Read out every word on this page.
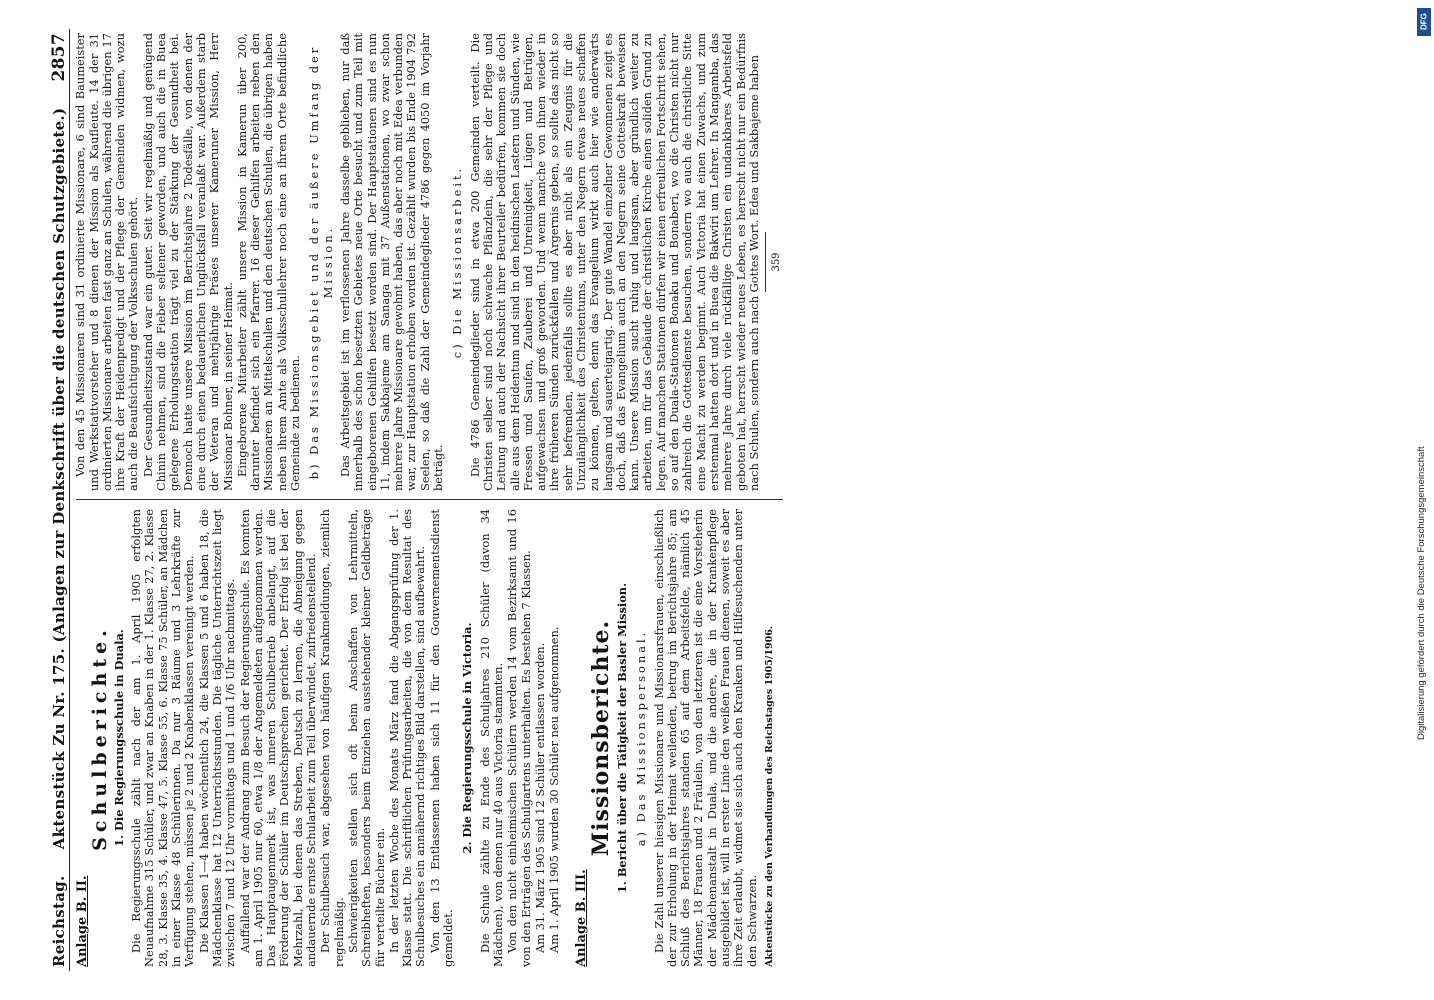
Reichstag.
Aktenstück Zu Nr. 175. (Anlagen zur Denkschrift über die deutschen Schutzgebiete.)
2857
Anlage B. II.
Schulberichte. 1. Die Regierungsschule in Duala. Die Regierungsschule zählt nach der am 1. April 1905 erfolgten Neuaufnahme 315 Schüler, und zwar an Knaben in der 1. Klasse 27, 2. Klasse 28, 3. Klasse 35, 4. Klasse 47, 5. Klasse 55, 6. Klasse 75 Schüler, an Mädchen in einer Klasse 48 Schülerinnen. Da nur 3 Räume und 3 Lehrkräfte zur Verfügung stehen, müssen je 2 und 2 Knabenklassen vereinigt werden. Die Klassen 1—4 haben wöchentlich 24, die Klassen 5 und 6 haben 18, die Mädchenklasse hat 12 Unterrichtsstunden. Die tägliche Unterrichtszeit liegt zwischen 7 und 12 Uhr vormittags und 1 und 1/6 Uhr nachmittags. Auffallend war der Andrang zum Besuch der Regierungsschule. Es konnten am 1. April 1905 nur 60, etwa 1/8 der Angemeldeten aufgenommen werden. Das Hauptaugenmerk ist, was inneren Schulbetrieb anbelangt, auf die Förderung der Schüler im Deutschsprechen gerichtet. Der Erfolg ist bei der Mehrzahl, bei denen das Streben, Deutsch zu lernen, die Abneigung gegen andauernde ernste Schularbeit zum Teil überwindet, zufriedenstellend. Der Schulbesuch war, abgesehen von häufigen Krankmeldungen, ziemlich regelmäßig. Schwierigkeiten stellen sich oft beim Anschaffen von Lehrmitteln, Schreibheften, besonders beim Einziehen ausstehender kleiner Geldbeträge für verteilte Bücher ein. In der letzten Woche des Monats März fand die Abgangsprüfung der 1. Klasse statt. Die schriftlichen Prüfungsarbeiten, die von dem Resultat des Schulbesuches ein annähernd richtiges Bild darstellen, sind aufbewahrt. Von den 13 Entlassenen haben sich 11 für den Gouvernementsdienst gemeldet.

2. Die Regierungsschule in Victoria. Die Schule zählte zu Ende des Schuljahres 210 Schüler (davon 34 Mädchen), von denen nur 40 aus Victoria stammten. Von den nicht einheimischen Schülern werden 14 vom Bezirksamt und 16 von den Erträgen des Schulgartens unterhalten. Es bestehen 7 Klassen. Am 31. März 1905 sind 12 Schüler entlassen worden. Am 1. April 1905 wurden 30 Schüler neu aufgenommen. Anlage B. III.
Missionsberichte. 1. Bericht über die Tätigkeit der Basler Mission. a) Das Missionspersonal. Die Zahl unserer hiesigen Missionare und Missionarsfrauen, einschließlich der zur Erholung in der Heimat weilenden, betrug im Berichtsjahre 85; am Schluß des Berichtsjahres standen 65 auf dem Arbeitsfelde, nämlich 45 Männer, 18 Frauen und 2 Fräulein, von den letzteren ist die eine Vorsteherin der Mädchenanstalt in Duala, und die andere, die in der Krankenpflege ausgebildet ist, will in erster Linie den weißen Frauen dienen, soweit es aber ihre Zeit erlaubt, widmet sie sich auch den Kranken und Hilfesuchenden unter den Schwarzen. Aktenstücke zu den Verhandlungen des Reichstages 1905/1906.

Von den 45 Missionaren sind 31 ordinierte Missionare, 6 sind Baumeister und Werkstattvorsteher und 8 dienen der Mission als Kaufleute. 14 der 31 ordinierten Missionare arbeiten fast ganz an Schulen, während die übrigen 17 ihre Kraft der Heidenpredigt und der Pflege der Gemeinden widmen, wozu auch die Beaufsichtigung der Volksschulen gehört. Der Gesundheitszustand war ein guter. Seit wir regelmäßig und genügend Chinin nehmen, sind die Fieber seltener geworden, und auch die in Buea gelegene Erholungsstation trägt viel zu der Stärkung der Gesundheit bei. Dennoch hatte unsere Mission im Berichtsjahre 2 Todesfälle, von denen der eine durch einen bedauerlichen Unglücksfall veranlaßt war. Außerdem starb der Veteran und mehrjährige Präses unserer Kameruner Mission, Herr Missionar Bohner, in seiner Heimat. Eingeborene Mitarbeiter zählt unsere Mission in Kamerun über 200, darunter befindet sich ein Pfarrer. 16 dieser Gehilfen arbeiten neben den Missionaren an Mittelschulen und den deutschen Schulen, die übrigen haben neben ihrem Amte als Volksschullehrer noch eine an ihrem Orte befindliche Gemeinde zu bedienen. b) Das Missionsgebiet und der äußere Umfang der Mission. Das Arbeitsgebiet ist im verflossenen Jahre dasselbe geblieben, nur daß innerhalb des schon besetzten Gebietes neue Orte besucht und zum Teil mit eingeborenen Gehilfen besetzt worden sind. Der Hauptstationen sind es nun 11, indem Sakbajeme am Sanaga mit 37 Außenstationen, wo zwar schon mehrere Jahre Missionare gewohnt haben, das aber noch mit Edea verbunden war, zur Hauptstation erhoben worden ist. Gezählt wurden bis Ende 1904 792 Seelen, so daß die Zahl der Gemeindeglieder 4786 gegen 4050 im Vorjahr beträgt.

c) Die Missionsarbeit. Die 4786 Gemeindeglieder sind in etwa 200 Gemeinden verteilt. Die Christen selber sind noch schwache Pflänzlein, die sehr der Pflege und Leitung und auch der Nachsicht ihrer Beurteiler bedürfen, kommen sie doch alle aus dem Heidentum und sind in den heidnischen Lastern und Sünden, wie Fressen und Saufen, Zauberei und Unreinigkeit, Lügen und Betrügen, aufgewachsen und groß geworden. Und wenn manche von ihnen wieder in ihre früheren Sünden zurückfallen und Ärgernis geben, so sollte das nicht so sehr befremden, jedenfalls sollte es aber nicht als ein Zeugnis für die Unzulänglichkeit des Christentums, unter den Negern etwas neues schaffen zu können, gelten, denn das Evangelium wirkt auch hier wie anderwärts langsam und sauerteigartig. Der gute Wandel einzelner Gewonnenen zeigt es doch, daß das Evangelium auch an den Negern seine Gotteskraft beweisen kann. Unsere Mission sucht ruhig und langsam, aber gründlich weiter zu arbeiten, um für das Gebäude der christlichen Kirche einen soliden Grund zu legen. Auf manchen Stationen dürfen wir einen erfreulichen Fortschritt sehen, so auf den Duala-Stationen Bonaku und Bonaberi, wo die Christen nicht nur zahlreich die Gottesdienste besuchen, sondern wo auch die christliche Sitte eine Macht zu werden beginnt. Auch Victoria hat einen Zuwachs, und zum erstenmal hatten dort und in Buea die Bakwiri um Lehrer. In Mangamba, das mehrere Jahre durch viele rückfällige Christen ein undankbares Arbeitsfeld geboten hat, herrscht wieder neues Leben, es herrscht nicht nur ein Bedürfnis nach Schulen, sondern auch nach Gottes Wort. Edea und Sakbajeme haben 359
DFG
Digitalisierung gefördert durch die Deutsche Forschungsgemeinschaft
